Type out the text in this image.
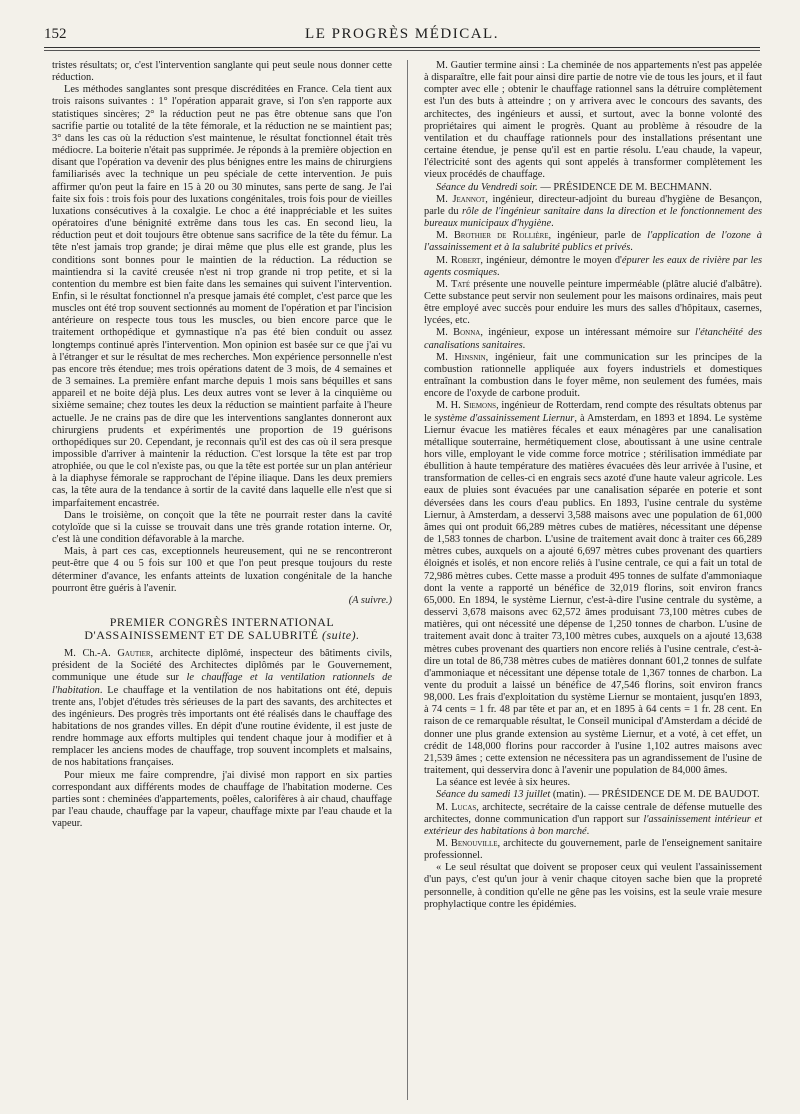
152	LE PROGRÈS MÉDICAL.

tristes résultats; or, c'est l'intervention sanglante qui peut seule nous donner cette réduction.

Les méthodes sanglantes sont presque discréditées en France. Cela tient aux trois raisons suivantes : 1° l'opération apparait grave, si l'on s'en rapporte aux statistiques sincères; 2° la réduction peut ne pas être obtenue sans que l'on sacrifie partie ou totalité de la tête fémorale, et la réduction ne se maintient pas; 3° dans les cas où la réduction s'est maintenue, le résultat fonctionnel était très médiocre. La boiterie n'était pas supprimée. Je réponds à la première objection en disant que l'opération va devenir des plus bénignes entre les mains de chirurgiens familiarisés avec la technique un peu spéciale de cette intervention. Je puis affirmer qu'on peut la faire en 15 à 20 ou 30 minutes, sans perte de sang. Je l'ai faite six fois : trois fois pour des luxations congénitales, trois fois pour de vieilles luxations consécutives à la coxalgie. Le choc a été inappréciable et les suites opératoires d'une bénignité extrême dans tous les cas. En second lieu, la réduction peut et doit toujours être obtenue sans sacrifice de la tête du fémur. La tête n'est jamais trop grande; je dirai même que plus elle est grande, plus les conditions sont bonnes pour le maintien de la réduction. La réduction se maintiendra si la cavité creusée n'est ni trop grande ni trop petite, et si la contention du membre est bien faite dans les semaines qui suivent l'intervention. Enfin, si le résultat fonctionnel n'a presque jamais été complet, c'est parce que les muscles ont été trop souvent sectionnés au moment de l'opération et par l'incision antérieure on respecte tous tous les muscles, ou bien encore parce que le traitement orthopédique et gymnastique n'a pas été bien conduit ou assez longtemps continué après l'intervention. Mon opinion est basée sur ce que j'ai vu à l'étranger et sur le résultat de mes recherches. Mon expérience personnelle n'est pas encore très étendue; mes trois opérations datent de 3 mois, de 4 semaines et de 3 semaines. La première enfant marche depuis 1 mois sans béquilles et sans appareil et ne boite déjà plus. Les deux autres vont se lever à la cinquième ou sixième semaine; chez toutes les deux la réduction se maintient parfaite à l'heure actuelle. Je ne crains pas de dire que les interventions sanglantes donneront aux chirurgiens prudents et expérimentés une proportion de 19 guérisons orthopédiques sur 20. Cependant, je reconnais qu'il est des cas où il sera presque impossible d'arriver à maintenir la réduction. C'est lorsque la tête est par trop atrophiée, ou que le col n'existe pas, ou que la tête est portée sur un plan antérieur à la diaphyse fémorale se rapprochant de l'épine iliaque. Dans les deux premiers cas, la tête aura de la tendance à sortir de la cavité dans laquelle elle n'est que si imparfaitement encastrée.

Dans le troisième, on conçoit que la tête ne pourrait rester dans la cavité cotyloïde que si la cuisse se trouvait dans une très grande rotation interne. Or, c'est là une condition défavorable à la marche.

Mais, à part ces cas, exceptionnels heureusement, qui ne se rencontreront peut-être que 4 ou 5 fois sur 100 et que l'on peut presque toujours du reste déterminer d'avance, les enfants atteints de luxation congénitale de la hanche pourront être guéris à l'avenir.

(A suivre.)

PREMIER CONGRÈS INTERNATIONAL
D'ASSAINISSEMENT ET DE SALUBRITÉ (suite).

M. Ch.-A. Gautier, architecte diplômé, inspecteur des bâtiments civils, président de la Société des Architectes diplômés par le Gouvernement, communique une étude sur le chauffage et la ventilation rationnels de l'habitation. Le chauffage et la ventilation de nos habitations ont été, depuis trente ans, l'objet d'études très sérieuses de la part des savants, des architectes et des ingénieurs. Des progrès très importants ont été réalisés dans le chauffage des habitations de nos grandes villes. En dépit d'une routine évidente, il est juste de rendre hommage aux efforts multiples qui tendent chaque jour à modifier et à remplacer les anciens modes de chauffage, trop souvent incomplets et malsains, de nos habitations françaises.

Pour mieux me faire comprendre, j'ai divisé mon rapport en six parties correspondant aux différents modes de chauffage de l'habitation moderne. Ces parties sont : cheminées d'appartements, poêles, calorifères à air chaud, chauffage par l'eau chaude, chauffage par la vapeur, chauffage mixte par l'eau chaude et la vapeur.

M. Gautier termine ainsi : La cheminée de nos appartements n'est pas appelée à disparaître, elle fait pour ainsi dire partie de notre vie de tous les jours, et il faut compter avec elle ; obtenir le chauffage rationnel sans la détruire complètement est l'un des buts à atteindre ; on y arrivera avec le concours des savants, des architectes, des ingénieurs et aussi, et surtout, avec la bonne volonté des propriétaires qui aiment le progrès. Quant au problème à résoudre de la ventilation et du chauffage rationnels pour des installations présentant une certaine étendue, je pense qu'il est en partie résolu. L'eau chaude, la vapeur, l'électricité sont des agents qui sont appelés à transformer complètement les vieux procédés de chauffage.

Séance du Vendredi soir. — PRÉSIDENCE DE M. BECHMANN.

M. Jeannot, ingénieur, directeur-adjoint du bureau d'hygiène de Besançon, parle du rôle de l'ingénieur sanitaire dans la direction et le fonctionnement des bureaux municipaux d'hygiène.

M. Brothier de Rollière, ingénieur, parle de l'application de l'ozone à l'assainissement et à la salubrité publics et privés.

M. Robert, ingénieur, démontre le moyen d'épurer les eaux de rivière par les agents cosmiques.

M. Taté présente une nouvelle peinture imperméable (plâtre alucié d'albâtre). Cette substance peut servir non seulement pour les maisons ordinaires, mais peut être employé avec succès pour enduire les murs des salles d'hôpitaux, casernes, lycées, etc.

M. Bonna, ingénieur, expose un intéressant mémoire sur l'étanchéité des canalisations sanitaires.

M. Hinsnin, ingénieur, fait une communication sur les principes de la combustion rationnelle appliquée aux foyers industriels et domestiques entraînant la combustion dans le foyer même, non seulement des fumées, mais encore de l'oxyde de carbone produit.

M. H. Siemons, ingénieur de Rotterdam, rend compte des résultats obtenus par le système d'assainissement Liernur, à Amsterdam, en 1893 et 1894. Le système Liernur évacue les matières fécales et eaux ménagères par une canalisation métallique souterraine, hermétiquement close, aboutissant à une usine centrale hors ville, employant le vide comme force motrice ; stérilisation immédiate par ébullition à haute température des matières évacuées dès leur arrivée à l'usine, et transformation de celles-ci en engrais secs azoté d'une haute valeur agricole. Les eaux de pluies sont évacuées par une canalisation séparée en poterie et sont déversées dans les cours d'eau publics. En 1893, l'usine centrale du système Liernur, à Amsterdam, a desservi 3,588 maisons avec une population de 61,000 âmes qui ont produit 66,289 mètres cubes de matières, nécessitant une dépense de 1,583 tonnes de charbon. L'usine de traitement avait donc à traiter ces 66,289 mètres cubes, auxquels on a ajouté 6,697 mètres cubes provenant des quartiers éloignés et isolés, et non encore reliés à l'usine centrale, ce qui a fait un total de 72,986 mètres cubes. Cette masse a produit 495 tonnes de sulfate d'ammoniaque dont la vente a rapporté un bénéfice de 32,019 florins, soit environ francs 65,000. En 1894, le système Liernur, c'est-à-dire l'usine centrale du système, a desservi 3,678 maisons avec 62,572 âmes produisant 73,100 mètres cubes de matières, qui ont nécessité une dépense de 1,250 tonnes de charbon. L'usine de traitement avait donc à traiter 73,100 mètres cubes, auxquels on a ajouté 13,638 mètres cubes provenant des quartiers non encore reliés à l'usine centrale, c'est-à-dire un total de 86,738 mètres cubes de matières donnant 601,2 tonnes de sulfate d'ammoniaque et nécessitant une dépense totale de 1,367 tonnes de charbon. La vente du produit a laissé un bénéfice de 47,546 florins, soit environ francs 98,000. Les frais d'exploitation du système Liernur se montaient, jusqu'en 1893, à 74 cents = 1 fr. 48 par tête et par an, et en 1895 à 64 cents = 1 fr. 28 cent. En raison de ce remarquable résultat, le Conseil municipal d'Amsterdam a décidé de donner une plus grande extension au système Liernur, et a voté, à cet effet, un crédit de 148,000 florins pour raccorder à l'usine 1,102 autres maisons avec 21,539 âmes ; cette extension ne nécessitera pas un agrandissement de l'usine de traitement, qui desservira donc à l'avenir une population de 84,000 âmes.

La séance est levée à six heures.

Séance du samedi 13 juillet (matin). — PRÉSIDENCE DE M. DE BAUDOT.

M. Lucas, architecte, secrétaire de la caisse centrale de défense mutuelle des architectes, donne communication d'un rapport sur l'assainissement intérieur et extérieur des habitations à bon marché.

M. Benouville, architecte du gouvernement, parle de l'enseignement sanitaire professionnel.

« Le seul résultat que doivent se proposer ceux qui veulent l'assainissement d'un pays, c'est qu'un jour à venir chaque citoyen sache bien que la propreté personnelle, à condition qu'elle ne gêne pas les voisins, est la seule vraie mesure prophylactique contre les épidémies.
